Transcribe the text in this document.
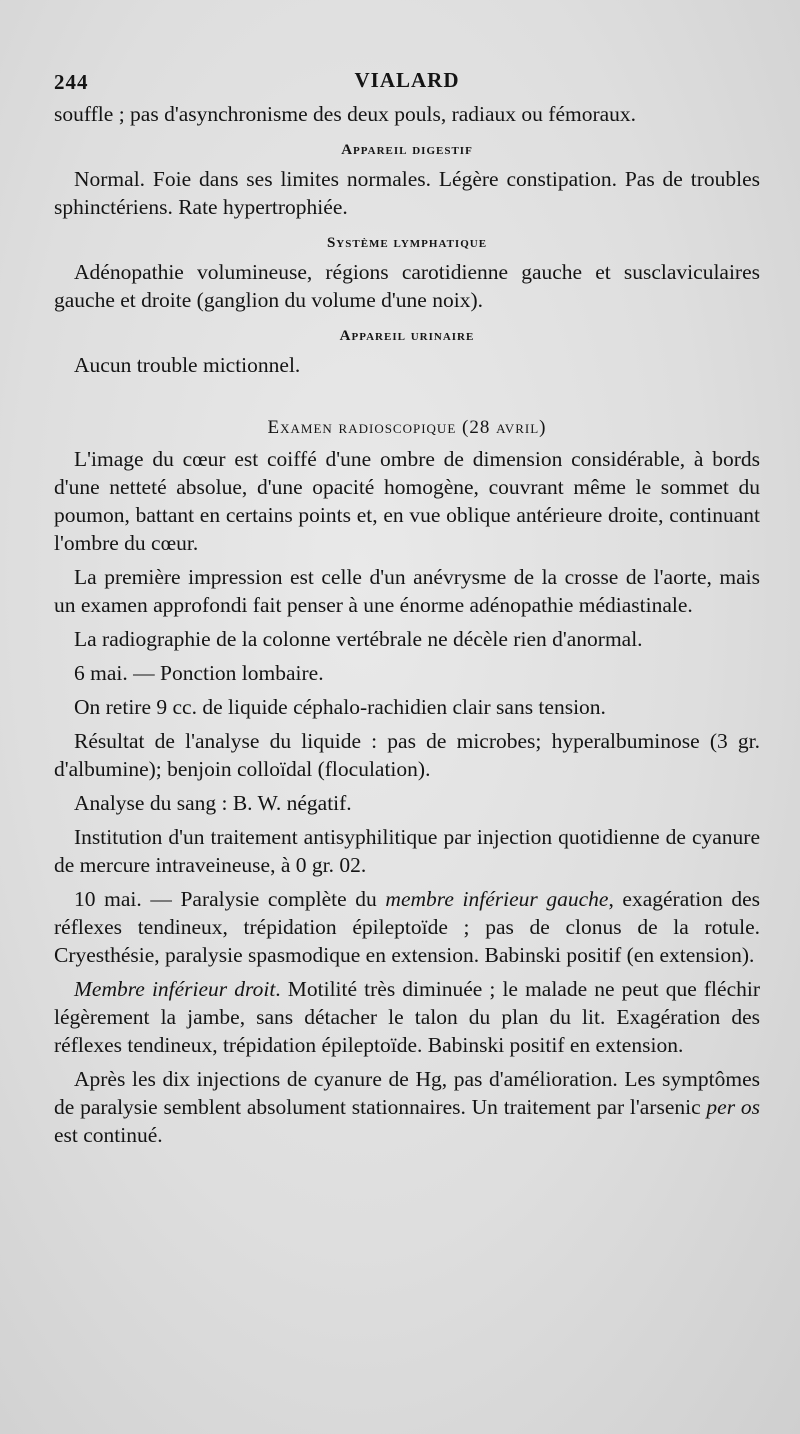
244	VIALARD

souffle ; pas d'asynchronisme des deux pouls, radiaux ou fémoraux.

Appareil digestif

Normal. Foie dans ses limites normales. Légère constipation. Pas de troubles sphinctériens. Rate hypertrophiée.

Système lymphatique

Adénopathie volumineuse, régions carotidienne gauche et susclaviculaires gauche et droite (ganglion du volume d'une noix).

Appareil urinaire

Aucun trouble mictionnel.

Examen radioscopique (28 avril)

L'image du cœur est coiffé d'une ombre de dimension considérable, à bords d'une netteté absolue, d'une opacité homogène, couvrant même le sommet du poumon, battant en certains points et, en vue oblique antérieure droite, continuant l'ombre du cœur.

La première impression est celle d'un anévrysme de la crosse de l'aorte, mais un examen approfondi fait penser à une énorme adénopathie médiastinale.

La radiographie de la colonne vertébrale ne décèle rien d'anormal.

6 mai. — Ponction lombaire.

On retire 9 cc. de liquide céphalo-rachidien clair sans tension.

Résultat de l'analyse du liquide : pas de microbes; hyperalbuminose (3 gr. d'albumine); benjoin colloïdal (floculation).

Analyse du sang : B. W. négatif.

Institution d'un traitement antisyphilitique par injection quotidienne de cyanure de mercure intraveineuse, à 0 gr. 02.

10 mai. — Paralysie complète du membre inférieur gauche, exagération des réflexes tendineux, trépidation épileptoïde ; pas de clonus de la rotule. Cryesthésie, paralysie spasmodique en extension. Babinski positif (en extension).

Membre inférieur droit. Motilité très diminuée ; le malade ne peut que fléchir légèrement la jambe, sans détacher le talon du plan du lit. Exagération des réflexes tendineux, trépidation épileptoïde. Babinski positif en extension.

Après les dix injections de cyanure de Hg, pas d'amélioration. Les symptômes de paralysie semblent absolument stationnaires. Un traitement par l'arsenic per os est continué.
